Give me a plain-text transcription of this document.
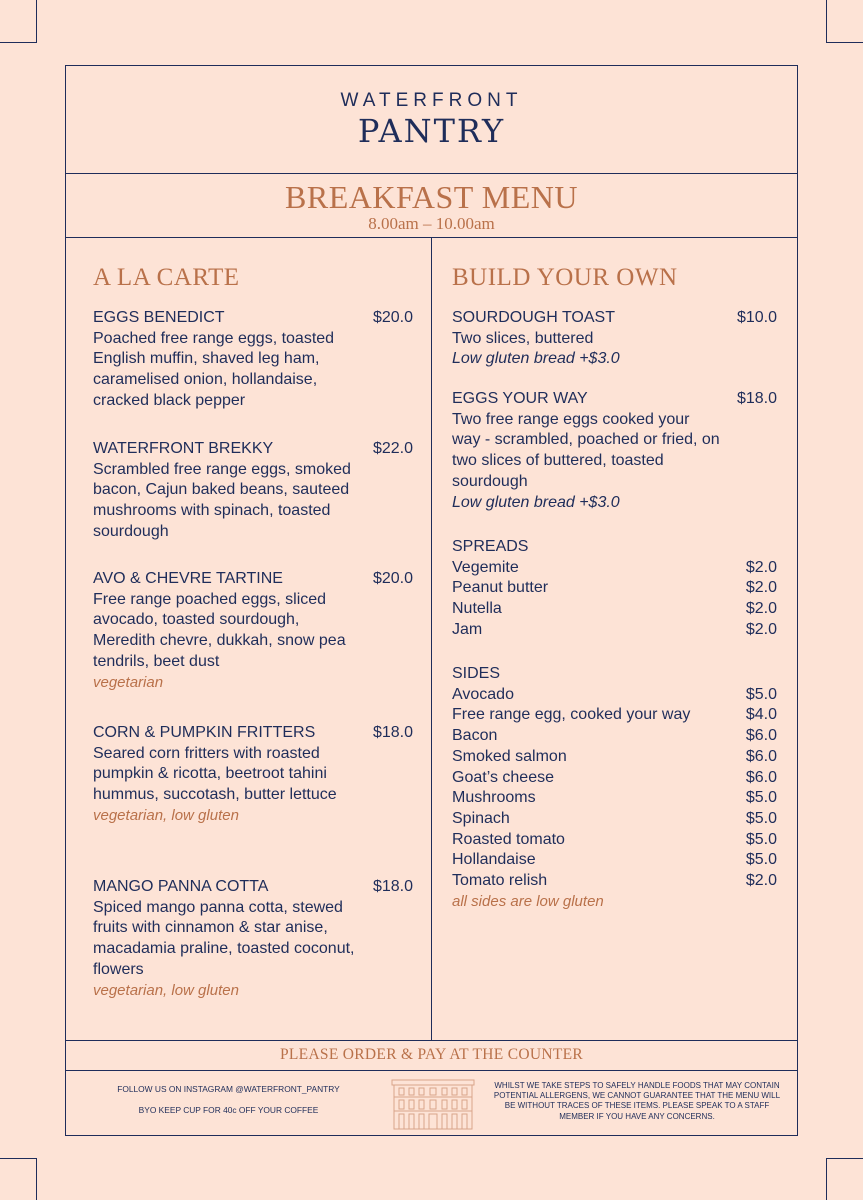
WATERFRONT
PANTRY
BREAKFAST MENU
8.00am – 10.00am
A LA CARTE
EGGS BENEDICT	$20.0
Poached free range eggs, toasted English muffin, shaved leg ham, caramelised onion, hollandaise, cracked black pepper
WATERFRONT BREKKY	$22.0
Scrambled free range eggs, smoked bacon, Cajun baked beans, sauteed mushrooms with spinach, toasted sourdough
AVO & CHEVRE TARTINE	$20.0
Free range poached eggs, sliced avocado, toasted sourdough, Meredith chevre, dukkah, snow pea tendrils, beet dust
vegetarian
CORN & PUMPKIN FRITTERS	$18.0
Seared corn fritters with roasted pumpkin & ricotta, beetroot tahini hummus, succotash, butter lettuce
vegetarian, low gluten
MANGO PANNA COTTA	$18.0
Spiced mango panna cotta, stewed fruits with cinnamon & star anise, macadamia praline, toasted coconut, flowers
vegetarian, low gluten
BUILD YOUR OWN
SOURDOUGH TOAST	$10.0
Two slices, buttered
Low gluten bread +$3.0
EGGS YOUR WAY	$18.0
Two free range eggs cooked your way - scrambled, poached or fried, on two slices of buttered, toasted sourdough
Low gluten bread +$3.0
SPREADS
Vegemite	$2.0
Peanut butter	$2.0
Nutella	$2.0
Jam	$2.0
SIDES
Avocado	$5.0
Free range egg, cooked your way	$4.0
Bacon	$6.0
Smoked salmon	$6.0
Goat’s cheese	$6.0
Mushrooms	$5.0
Spinach	$5.0
Roasted tomato	$5.0
Hollandaise	$5.0
Tomato relish	$2.0
all sides are low gluten
PLEASE ORDER & PAY AT THE COUNTER
FOLLOW US ON INSTAGRAM @WATERFRONT_PANTRY
BYO KEEP CUP FOR 40c OFF YOUR COFFEE
WHILST WE TAKE STEPS TO SAFELY HANDLE FOODS THAT MAY CONTAIN POTENTIAL ALLERGENS, WE CANNOT GUARANTEE THAT THE MENU WILL BE WITHOUT TRACES OF THESE ITEMS. PLEASE SPEAK TO A STAFF MEMBER IF YOU HAVE ANY CONCERNS.
